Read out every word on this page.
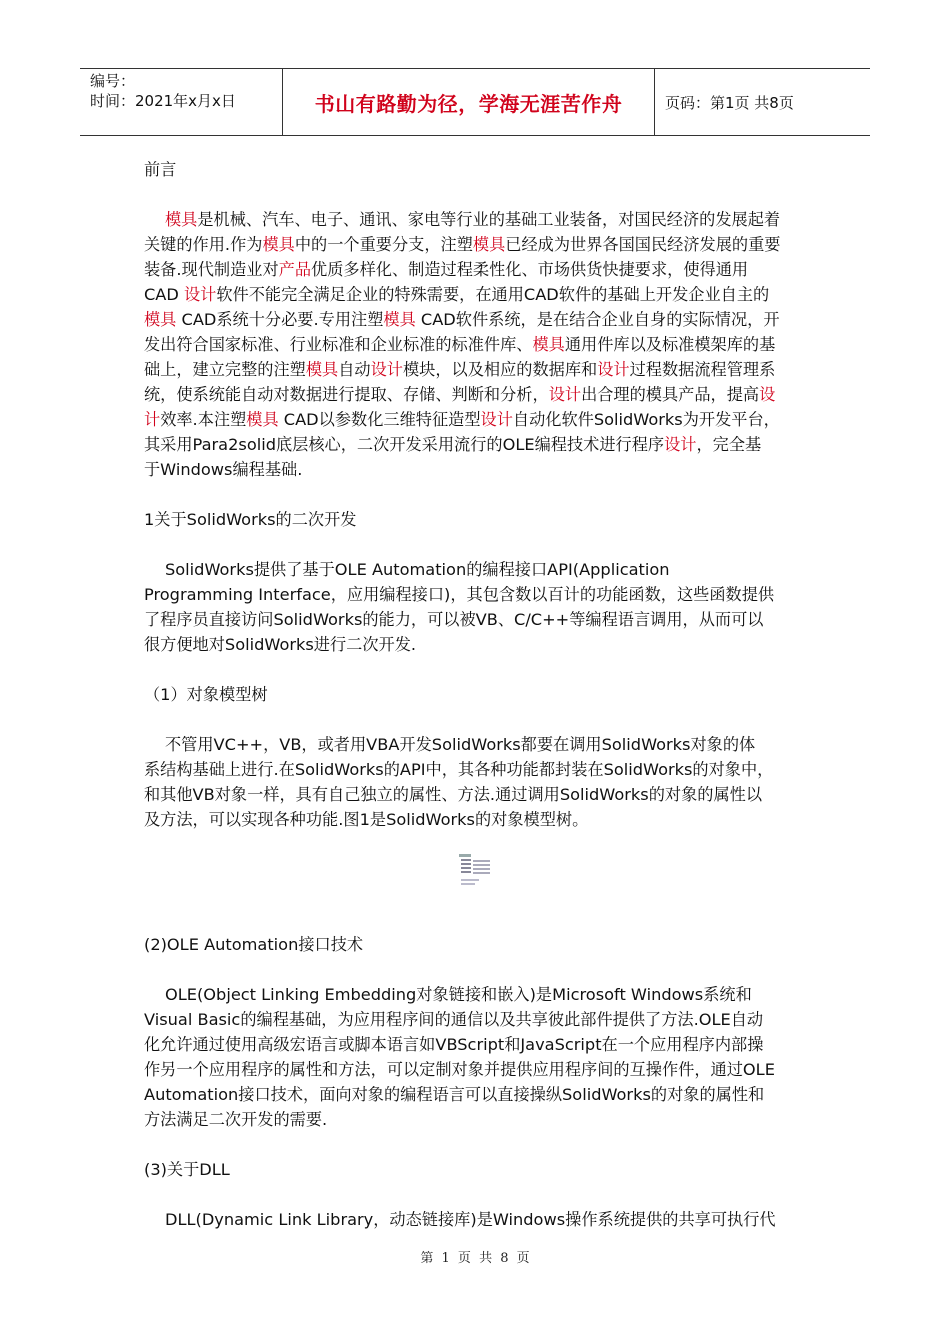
编号：
时间：2021年x月x日	书山有路勤为径，学海无涯苦作舟	页码：第1页 共8页
前言
模具是机械、汽车、电子、通讯、家电等行业的基础工业装备，对国民经济的发展起着
关键的作用.作为模具中的一个重要分支，注塑模具已经成为世界各国国民经济发展的重要
装备.现代制造业对产品优质多样化、制造过程柔性化、市场供货快捷要求，使得通用
CAD 设计软件不能完全满足企业的特殊需要，在通用CAD软件的基础上开发企业自主的
模具 CAD系统十分必要.专用注塑模具 CAD软件系统，是在结合企业自身的实际情况，开
发出符合国家标准、行业标准和企业标准的标准件库、模具通用件库以及标准模架库的基
础上，建立完整的注塑模具自动设计模块，以及相应的数据库和设计过程数据流程管理系
统，使系统能自动对数据进行提取、存储、判断和分析，设计出合理的模具产品，提高设
计效率.本注塑模具 CAD以参数化三维特征造型设计自动化软件SolidWorks为开发平台，
其采用Para2solid底层核心，二次开发采用流行的OLE编程技术进行程序设计，完全基
于Windows编程基础.
1关于SolidWorks的二次开发
SolidWorks提供了基于OLE Automation的编程接口API(Application
Programming Interface，应用编程接口)，其包含数以百计的功能函数，这些函数提供
了程序员直接访问SolidWorks的能力，可以被VB、C/C++等编程语言调用，从而可以
很方便地对SolidWorks进行二次开发.
（1）对象模型树
不管用VC++，VB，或者用VBA开发SolidWorks都要在调用SolidWorks对象的体
系结构基础上进行.在SolidWorks的API中，其各种功能都封装在SolidWorks的对象中，
和其他VB对象一样，具有自己独立的属性、方法.通过调用SolidWorks的对象的属性以
及方法，可以实现各种功能.图1是SolidWorks的对象模型树。
(2)OLE Automation接口技术
OLE(Object Linking Embedding对象链接和嵌入)是Microsoft Windows系统和
Visual Basic的编程基础，为应用程序间的通信以及共享彼此部件提供了方法.OLE自动
化允许通过使用高级宏语言或脚本语言如VBScript和JavaScript在一个应用程序内部操
作另一个应用程序的属性和方法，可以定制对象并提供应用程序间的互操作件，通过OLE
Automation接口技术，面向对象的编程语言可以直接操纵SolidWorks的对象的属性和
方法满足二次开发的需要.
(3)关于DLL
DLL(Dynamic Link Library，动态链接库)是Windows操作系统提供的共享可执行代
第 1 页 共 8 页
